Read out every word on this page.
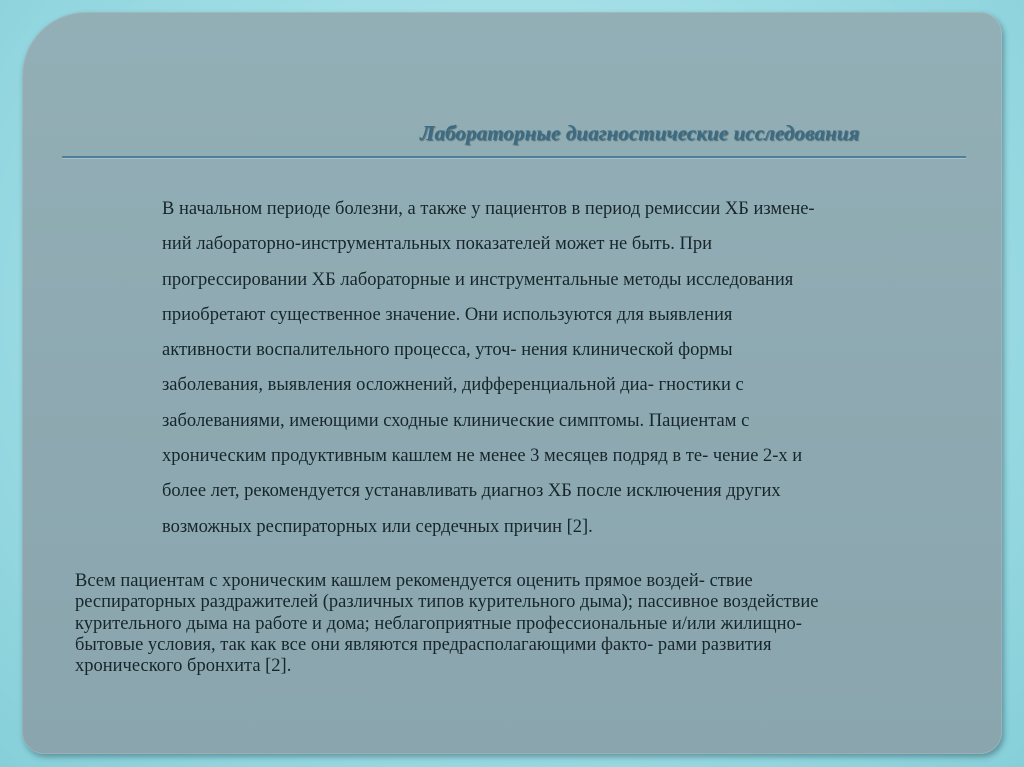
Лабораторные диагностические исследования
В начальном периоде болезни, а также у пациентов в период ремиссии ХБ измене-
ний лабораторно-инструментальных показателей может не быть. При
прогрессировании ХБ лабораторные и инструментальные методы исследования
приобретают существенное значение. Они используются для выявления
активности воспалительного процесса, уточ- нения клинической формы
заболевания, выявления осложнений, дифференциальной диа- гностики с
заболеваниями, имеющими сходные клинические симптомы. Пациентам с
хроническим продуктивным кашлем не менее 3 месяцев подряд в те- чение 2-х и
более лет, рекомендуется устанавливать диагноз ХБ после исключения других
возможных респираторных или сердечных причин [2].
Всем пациентам с хроническим кашлем рекомендуется оценить прямое воздей- ствие
респираторных раздражителей (различных типов курительного дыма); пассивное воздействие
курительного дыма на работе и дома; неблагоприятные профессиональные и/или жилищно-
бытовые условия, так как все они являются предрасполагающими факто- рами развития
хронического бронхита [2].
